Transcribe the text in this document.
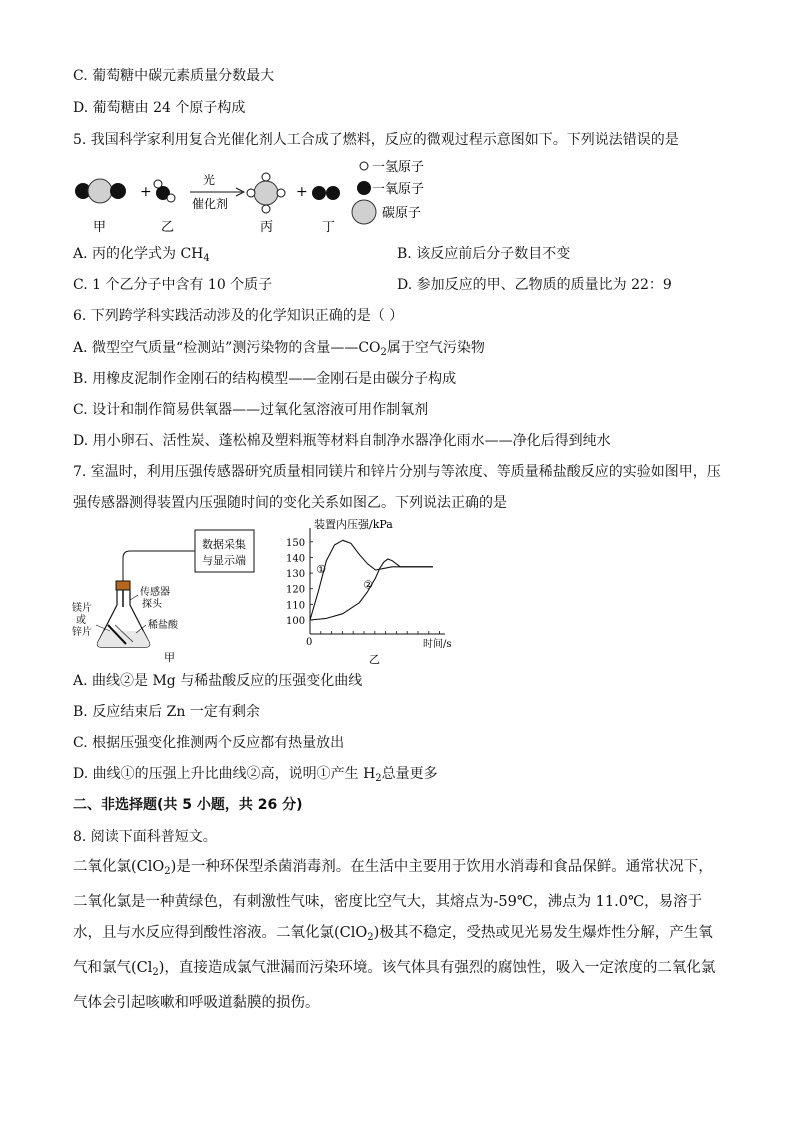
C. 葡萄糖中碳元素质量分数最大
D. 葡萄糖由 24 个原子构成
5. 我国科学家利用复合光催化剂人工合成了燃料，反应的微观过程示意图如下。下列说法错误的是
+
光
催化剂
+
甲	乙	丙	丁
一氢原子
一氧原子
碳原子
A. 丙的化学式为 $CH_4$	B. 该反应前后分子数目不变
C. 1 个乙分子中含有 10 个质子	D. 参加反应的甲、乙物质的质量比为 22：9
6. 下列跨学科实践活动涉及的化学知识正确的是（ ）
A. 微型空气质量“检测站”测污染物的含量$——CO_2$属于空气污染物
B. 用橡皮泥制作金刚石的结构模型——金刚石是由碳分子构成
C. 设计和制作简易供氧器——过氧化氢溶液可用作制氧剂
D. 用小卵石、活性炭、蓬松棉及塑料瓶等材料自制净水器净化雨水——净化后得到纯水
7. 室温时，利用压强传感器研究质量相同镁片和锌片分别与等浓度、等质量稀盐酸反应的实验如图甲，压
强传感器测得装置内压强随时间的变化关系如图乙。下列说法正确的是
数据采集
与显示端
传感器
探头
稀盐酸
镁片
或
锌片
甲
装置内压强/kPa
时间/s
0
乙
100
110
120
130
140
150
①
②
A. 曲线②是 Mg 与稀盐酸反应的压强变化曲线
B. 反应结束后 Zn 一定有剩余
C. 根据压强变化推测两个反应都有热量放出
D. 曲线①的压强上升比曲线②高，说明①产生 $H_2$总量更多
二、非选择题(共 5 小题，共 26 分)
8. 阅读下面科普短文。
二氧化氯(ClO$_2$)是一种环保型杀菌消毒剂。在生活中主要用于饮用水消毒和食品保鲜。通常状况下，二氧化氯是一种黄绿色，有刺激性气味，密度比空气大，其熔点为-59℃，沸点为 11.0℃，易溶于水，且与水反应得到酸性溶液。二氧化氯(ClO$_2$)极其不稳定，受热或见光易发生爆炸性分解，产生氧气和氯气$(Cl_2)$，直接造成氯气泄漏而污染环境。该气体具有强烈的腐蚀性，吸入一定浓度的二氧化氯气体会引起咳嗽和呼吸道黏膜的损伤。
